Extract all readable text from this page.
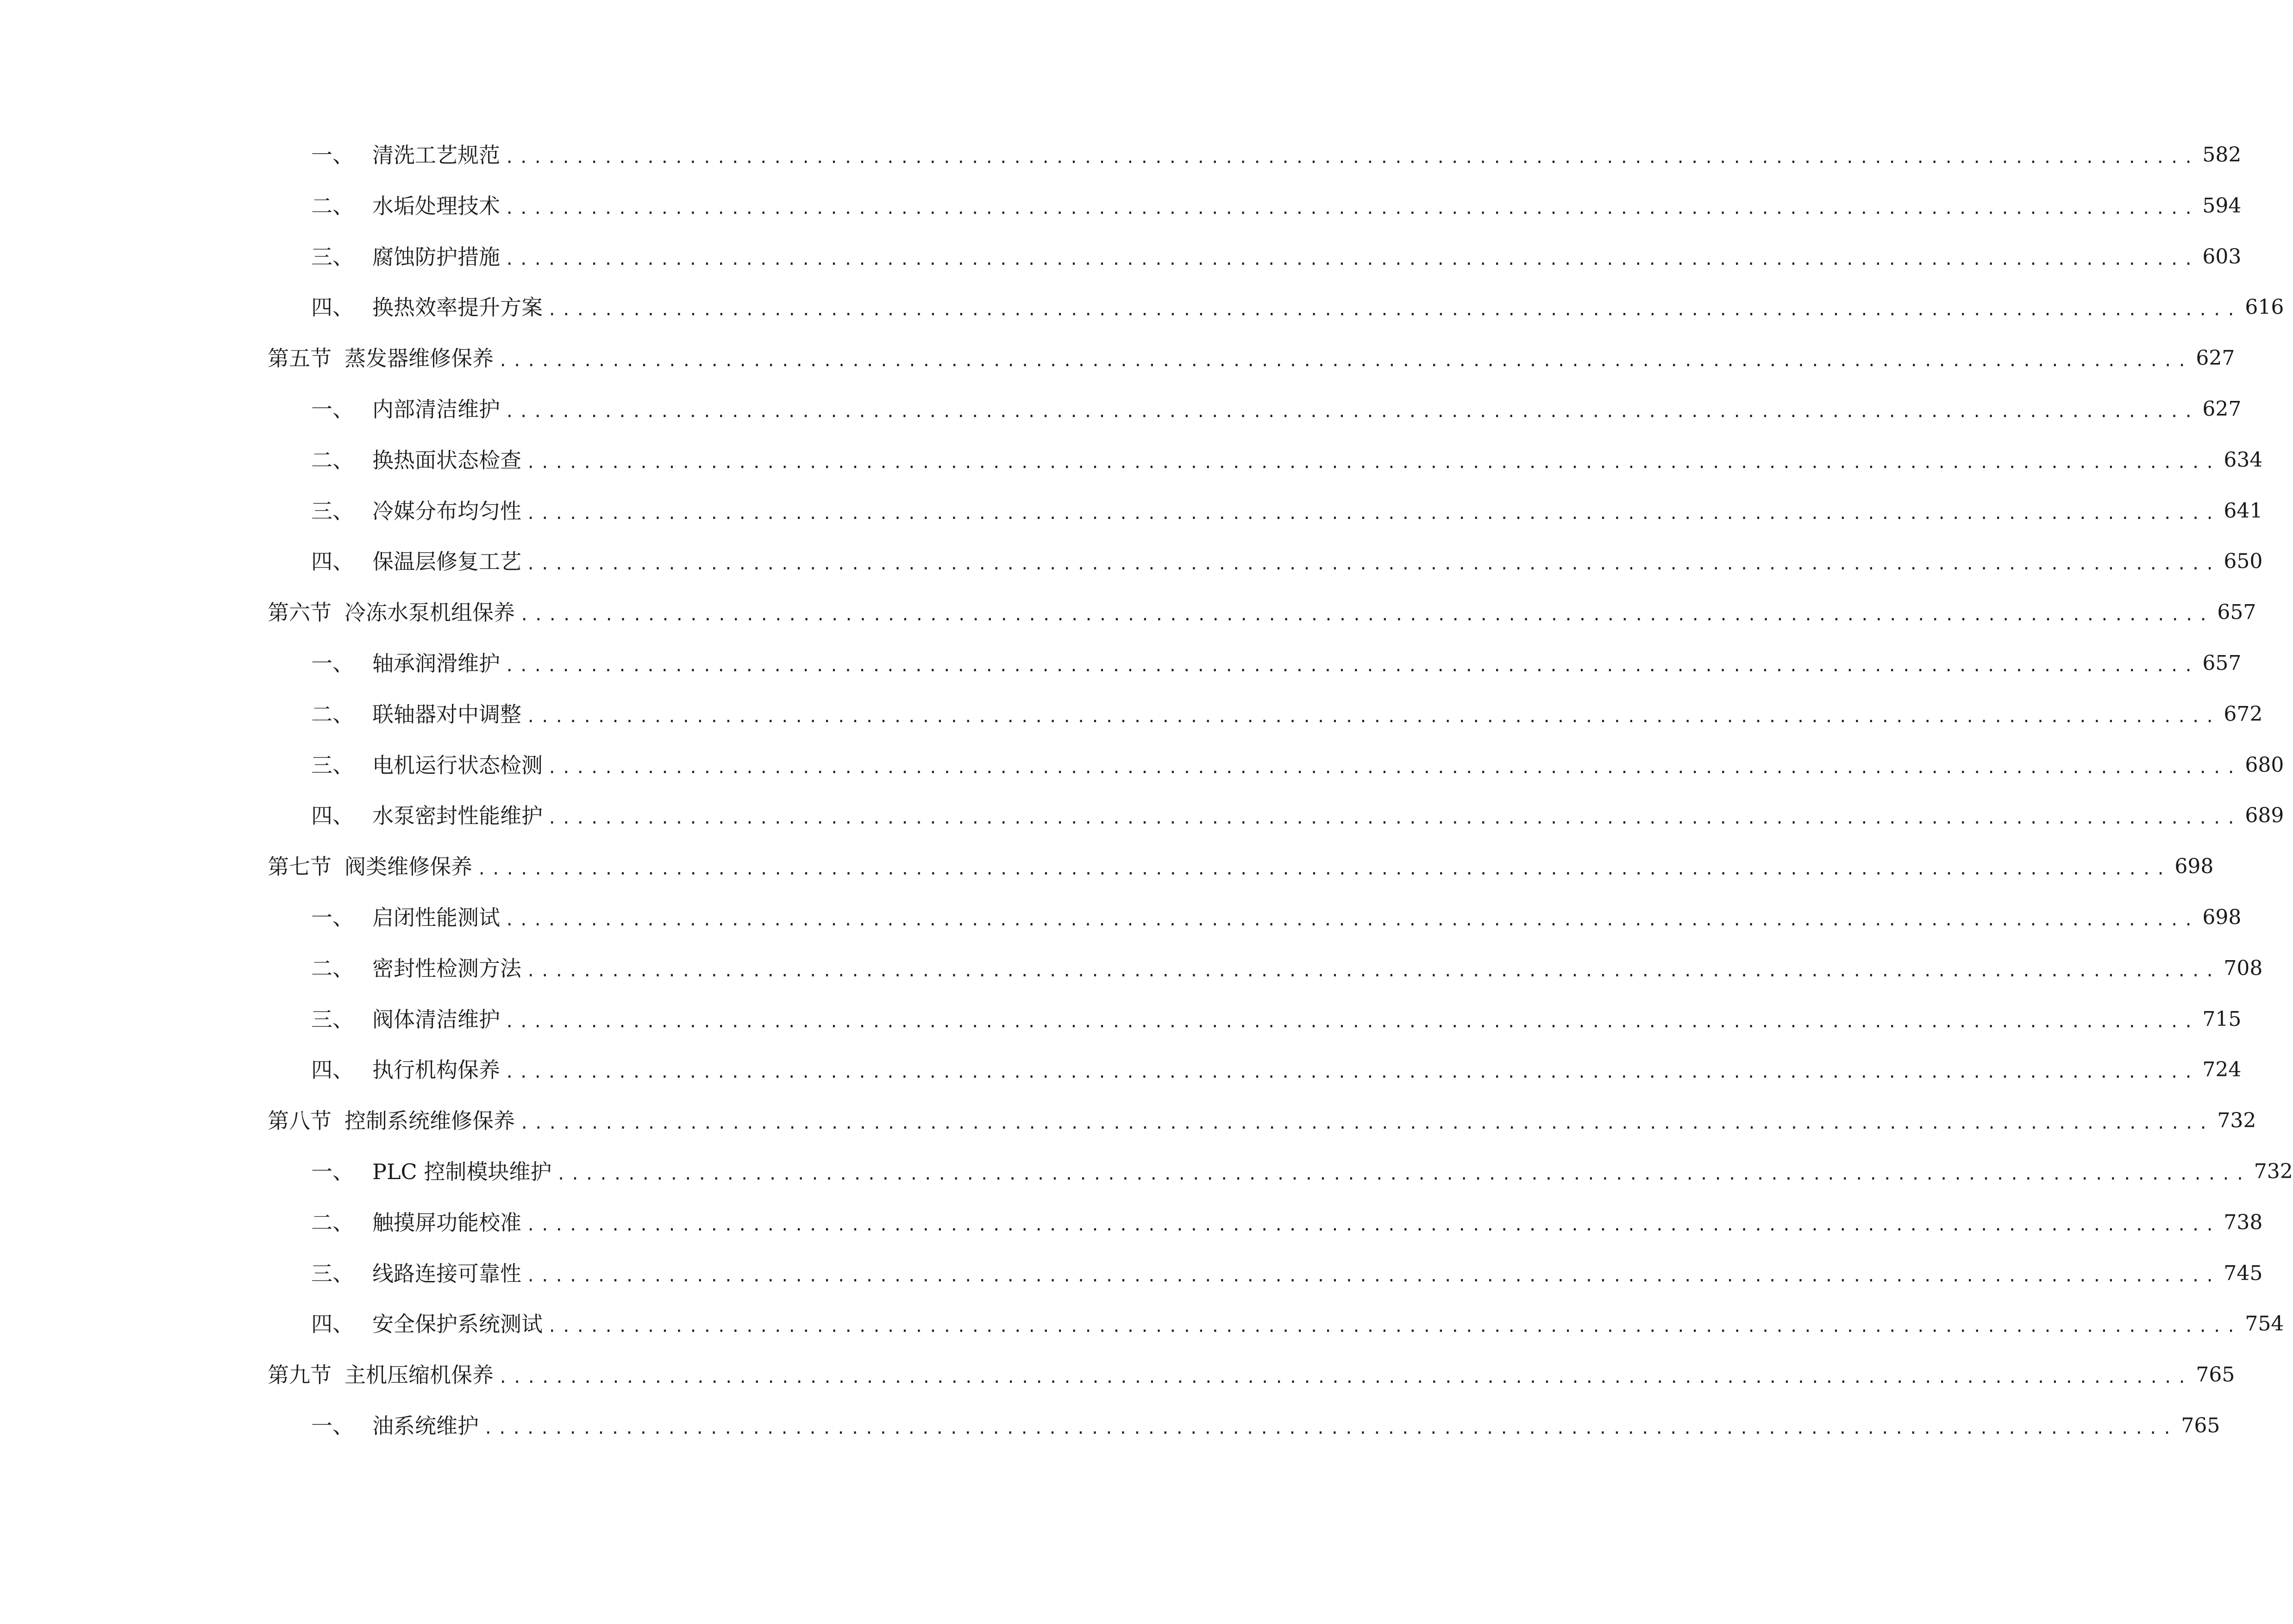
一、 清洗工艺规范 ........................................................................................................................ 582
二、 水垢处理技术 ........................................................................................................................ 594
三、 腐蚀防护措施 ........................................................................................................................ 603
四、 换热效率提升方案 ........................................................................................................................ 616
第五节 蒸发器维修保养 ........................................................................................................................ 627
一、 内部清洁维护 ........................................................................................................................ 627
二、 换热面状态检查 ........................................................................................................................ 634
三、 冷媒分布均匀性 ........................................................................................................................ 641
四、 保温层修复工艺 ........................................................................................................................ 650
第六节 冷冻水泵机组保养 ........................................................................................................................ 657
一、 轴承润滑维护 ........................................................................................................................ 657
二、 联轴器对中调整 ........................................................................................................................ 672
三、 电机运行状态检测 ........................................................................................................................ 680
四、 水泵密封性能维护 ........................................................................................................................ 689
第七节 阀类维修保养 ........................................................................................................................ 698
一、 启闭性能测试 ........................................................................................................................ 698
二、 密封性检测方法 ........................................................................................................................ 708
三、 阀体清洁维护 ........................................................................................................................ 715
四、 执行机构保养 ........................................................................................................................ 724
第八节 控制系统维修保养 ........................................................................................................................ 732
一、 PLC 控制模块维护 ........................................................................................................................ 732
二、 触摸屏功能校准 ........................................................................................................................ 738
三、 线路连接可靠性 ........................................................................................................................ 745
四、 安全保护系统测试 ........................................................................................................................ 754
第九节 主机压缩机保养 ........................................................................................................................ 765
一、 油系统维护 ........................................................................................................................ 765
